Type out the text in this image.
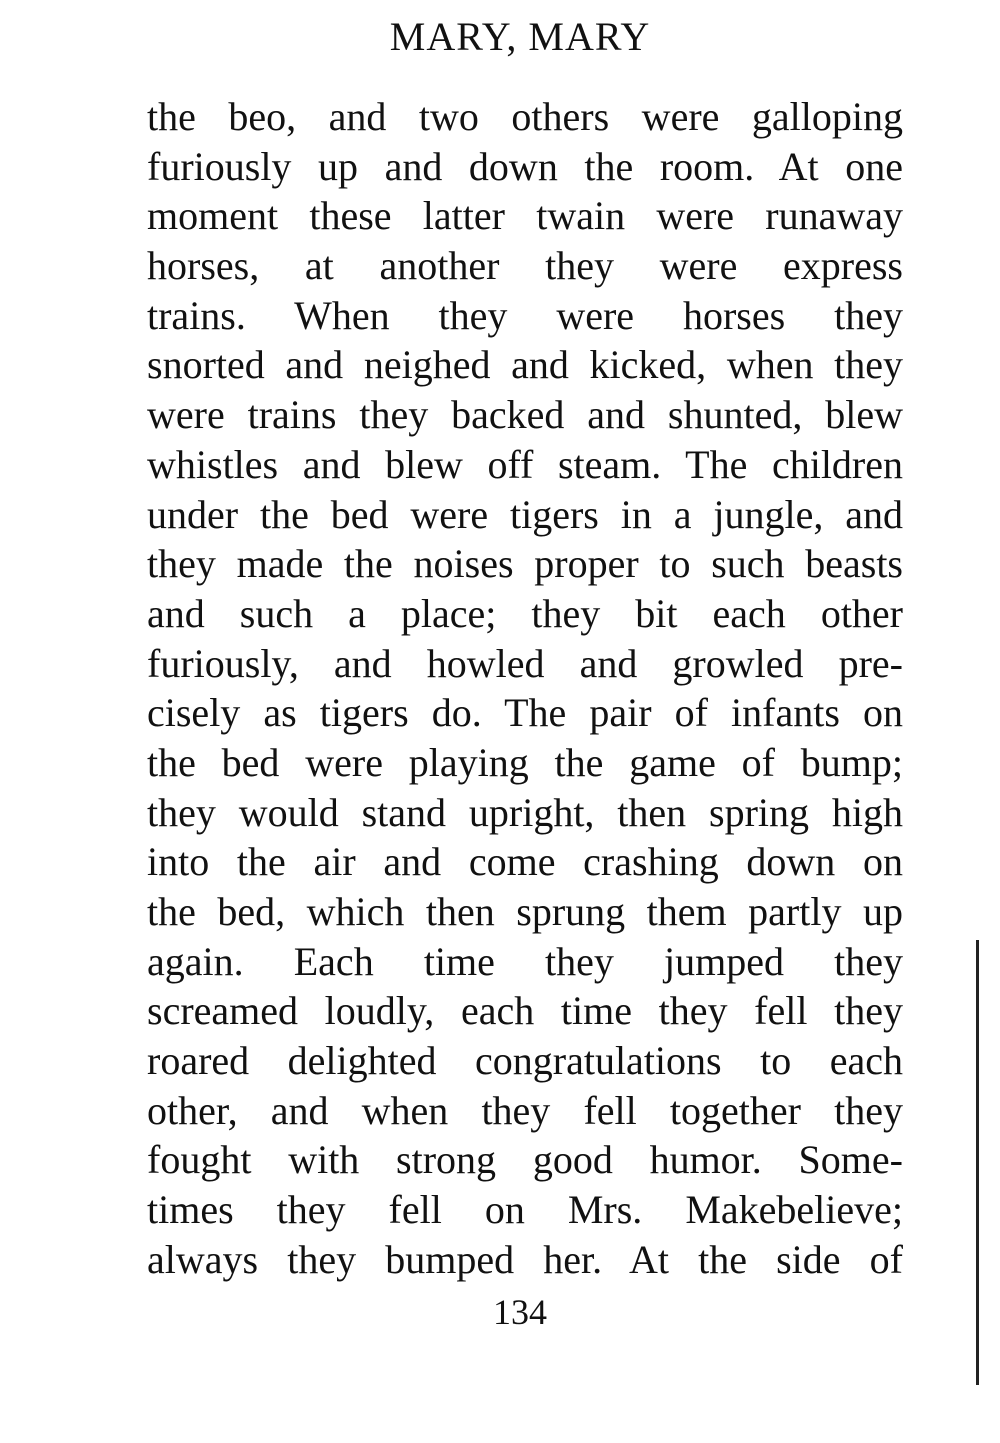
MARY, MARY
the beo, and two others were galloping
furiously up and down the room. At one
moment these latter twain were runaway
horses, at another they were express
trains. When they were horses they
snorted and neighed and kicked, when they
were trains they backed and shunted, blew
whistles and blew off steam. The children
under the bed were tigers in a jungle, and
they made the noises proper to such beasts
and such a place; they bit each other
furiously, and howled and growled pre-
cisely as tigers do. The pair of infants on
the bed were playing the game of bump;
they would stand upright, then spring high
into the air and come crashing down on
the bed, which then sprung them partly up
again. Each time they jumped they
screamed loudly, each time they fell they
roared delighted congratulations to each
other, and when they fell together they
fought with strong good humor. Some-
times they fell on Mrs. Makebelieve;
always they bumped her. At the side of
134
